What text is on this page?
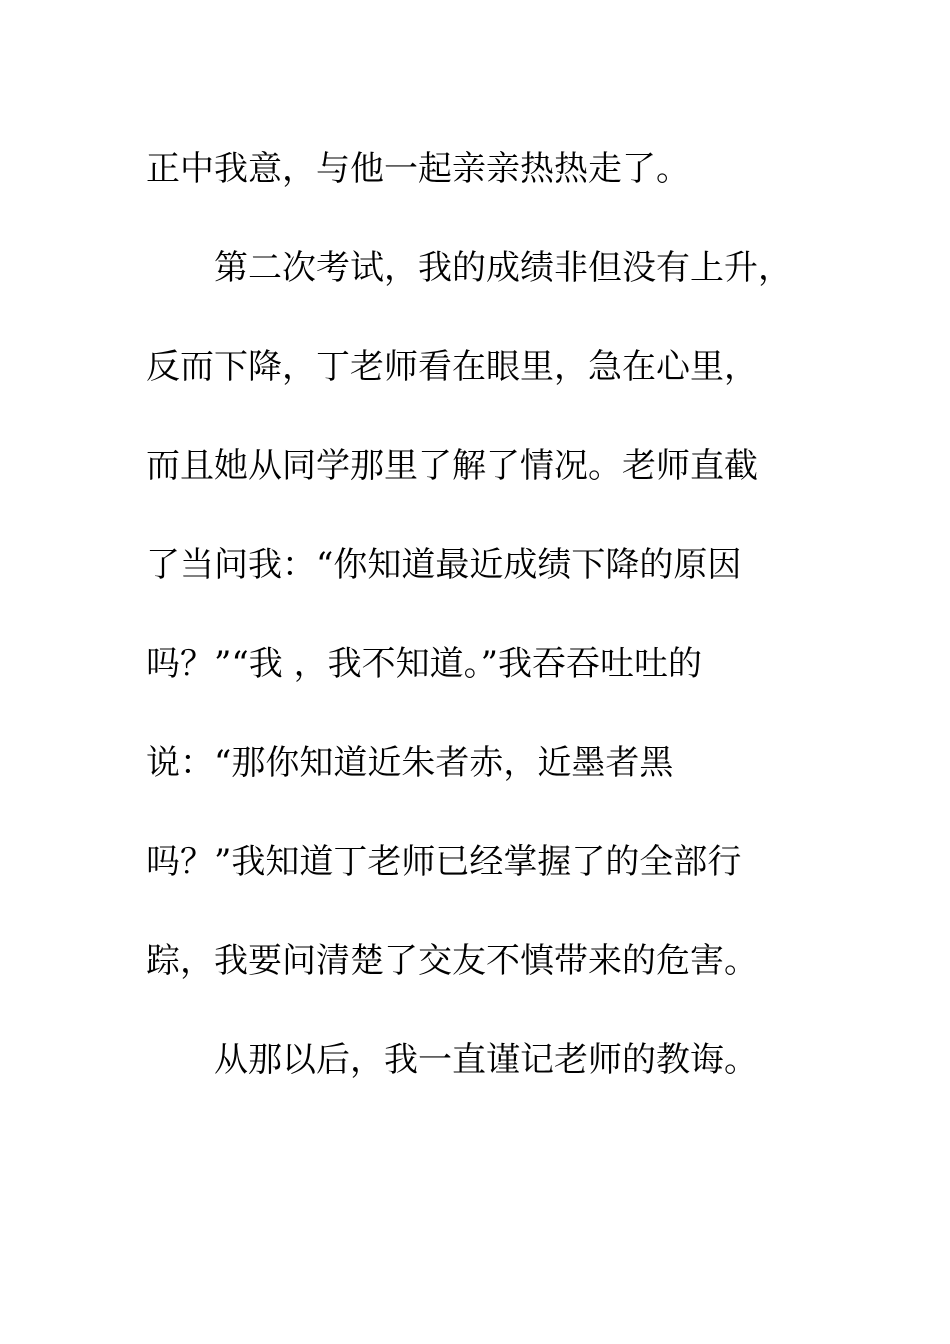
正中我意，与他一起亲亲热热走了。
第二次考试，我的成绩非但没有上升，
反而下降，丁老师看在眼里，急在心里，
而且她从同学那里了解了情况。老师直截
了当问我：“你知道最近成绩下降的原因
吗？”“我 ，我不知道。”我吞吞吐吐的
说：“那你知道近朱者赤，近墨者黑
吗？”我知道丁老师已经掌握了的全部行
踪，我要问清楚了交友不慎带来的危害。
从那以后，我一直谨记老师的教诲。
